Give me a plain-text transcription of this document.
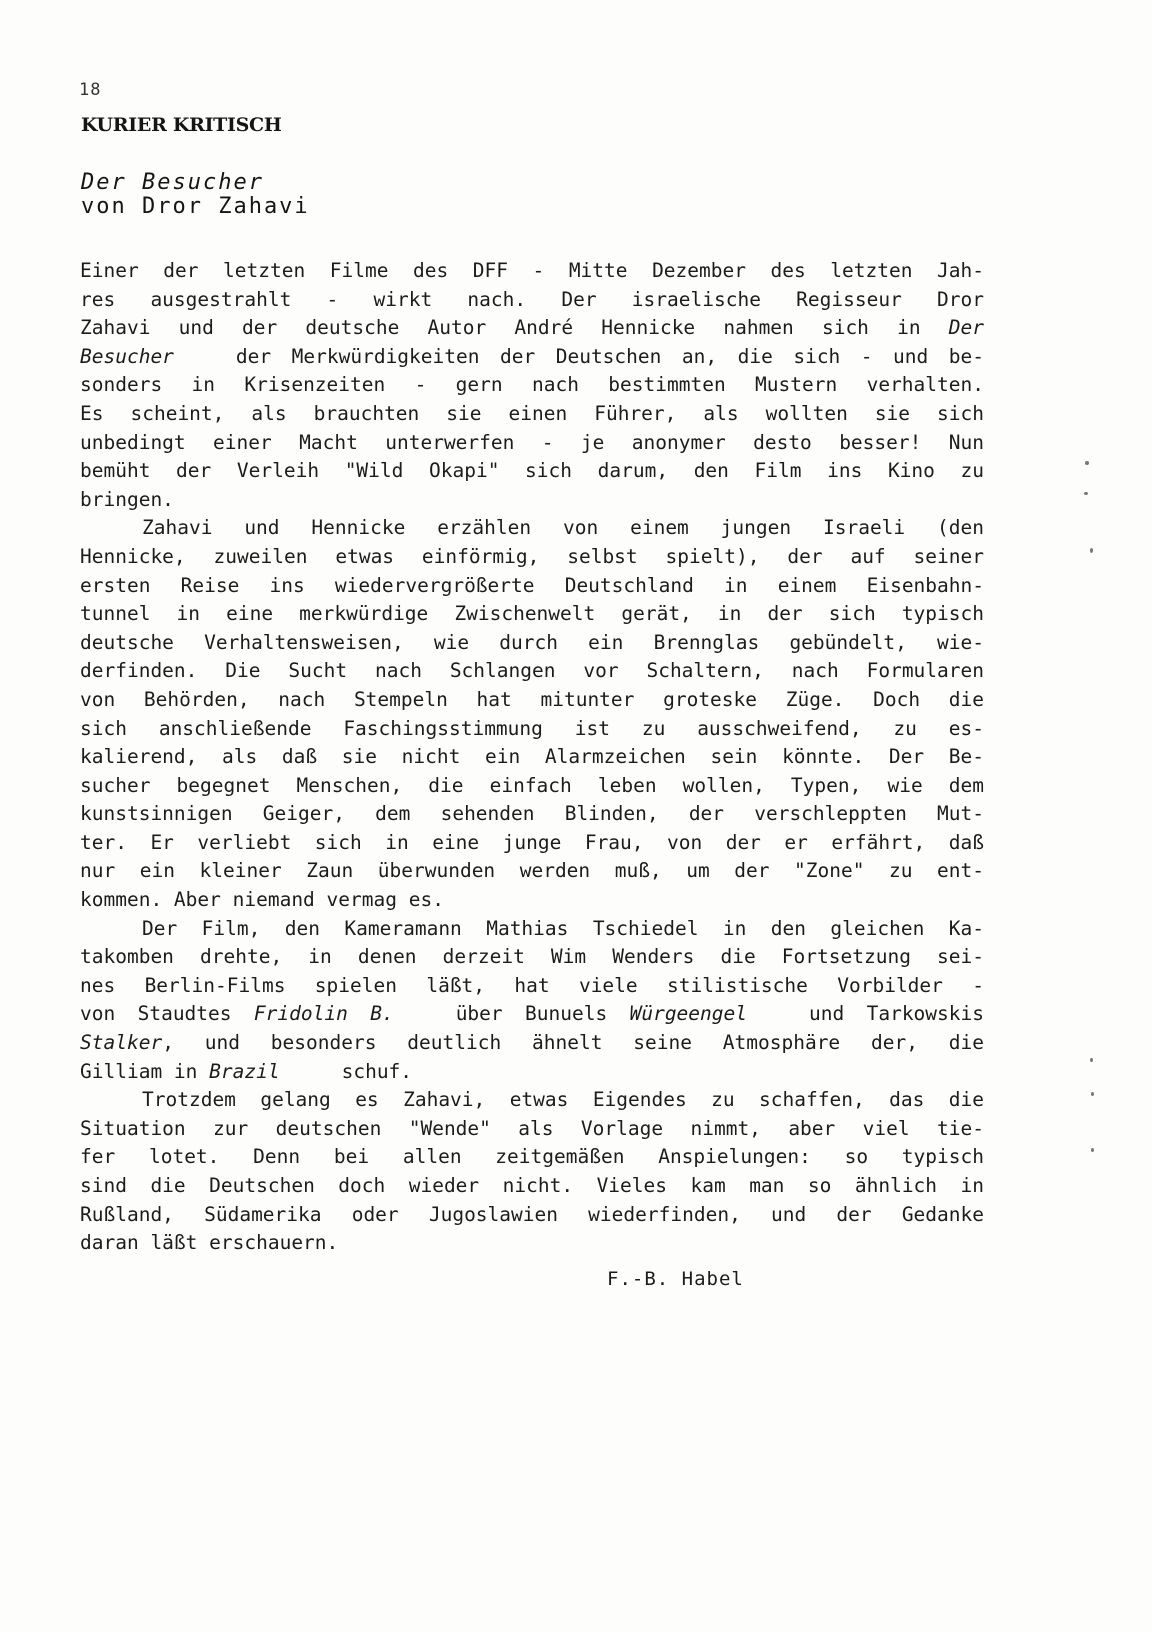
18
KURIER KRITISCH
Der Besucher
von Dror Zahavi
Einer der letzten Filme des DFF - Mitte Dezember des letzten Jah-
res ausgestrahlt - wirkt nach. Der israelische Regisseur Dror
Zahavi und der deutsche Autor André Hennicke nahmen sich in Der
Besucher	der Merkwürdigkeiten der Deutschen an, die sich - und be-
sonders in Krisenzeiten - gern nach bestimmten Mustern verhalten.
Es scheint, als brauchten sie einen Führer, als wollten sie sich
unbedingt einer Macht unterwerfen - je anonymer desto besser! Nun
bemüht der Verleih "Wild Okapi" sich darum, den Film ins Kino zu
bringen.
Zahavi und Hennicke erzählen von einem jungen Israeli (den
Hennicke, zuweilen etwas einförmig, selbst spielt), der auf seiner
ersten Reise ins wiedervergrößerte Deutschland in einem Eisenbahn-
tunnel in eine merkwürdige Zwischenwelt gerät, in der sich typisch
deutsche Verhaltensweisen, wie durch ein Brennglas gebündelt, wie-
derfinden. Die Sucht nach Schlangen vor Schaltern, nach Formularen
von Behörden, nach Stempeln hat mitunter groteske Züge. Doch die
sich anschließende Faschingsstimmung ist zu ausschweifend, zu es-
kalierend, als daß sie nicht ein Alarmzeichen sein könnte. Der Be-
sucher begegnet Menschen, die einfach leben wollen, Typen, wie dem
kunstsinnigen Geiger, dem sehenden Blinden, der verschleppten Mut-
ter. Er verliebt sich in eine junge Frau, von der er erfährt, daß
nur ein kleiner Zaun überwunden werden muß, um der "Zone" zu ent-
kommen. Aber niemand vermag es.
Der Film, den Kameramann Mathias Tschiedel in den gleichen Ka-
takomben drehte, in denen derzeit Wim Wenders die Fortsetzung sei-
nes Berlin-Films spielen läßt, hat viele stilistische Vorbilder -
von Staudtes Fridolin B.	über Bunuels Würgeengel	und Tarkowskis
Stalker, und besonders deutlich ähnelt seine Atmosphäre der, die
Gilliam in Brazil	schuf.
Trotzdem gelang es Zahavi, etwas Eigendes zu schaffen, das die
Situation zur deutschen "Wende" als Vorlage nimmt, aber viel tie-
fer lotet. Denn bei allen zeitgemäßen Anspielungen: so typisch
sind die Deutschen doch wieder nicht. Vieles kam man so ähnlich in
Rußland, Südamerika oder Jugoslawien wiederfinden, und der Gedanke
daran läßt erschauern.
F.-B. Habel
